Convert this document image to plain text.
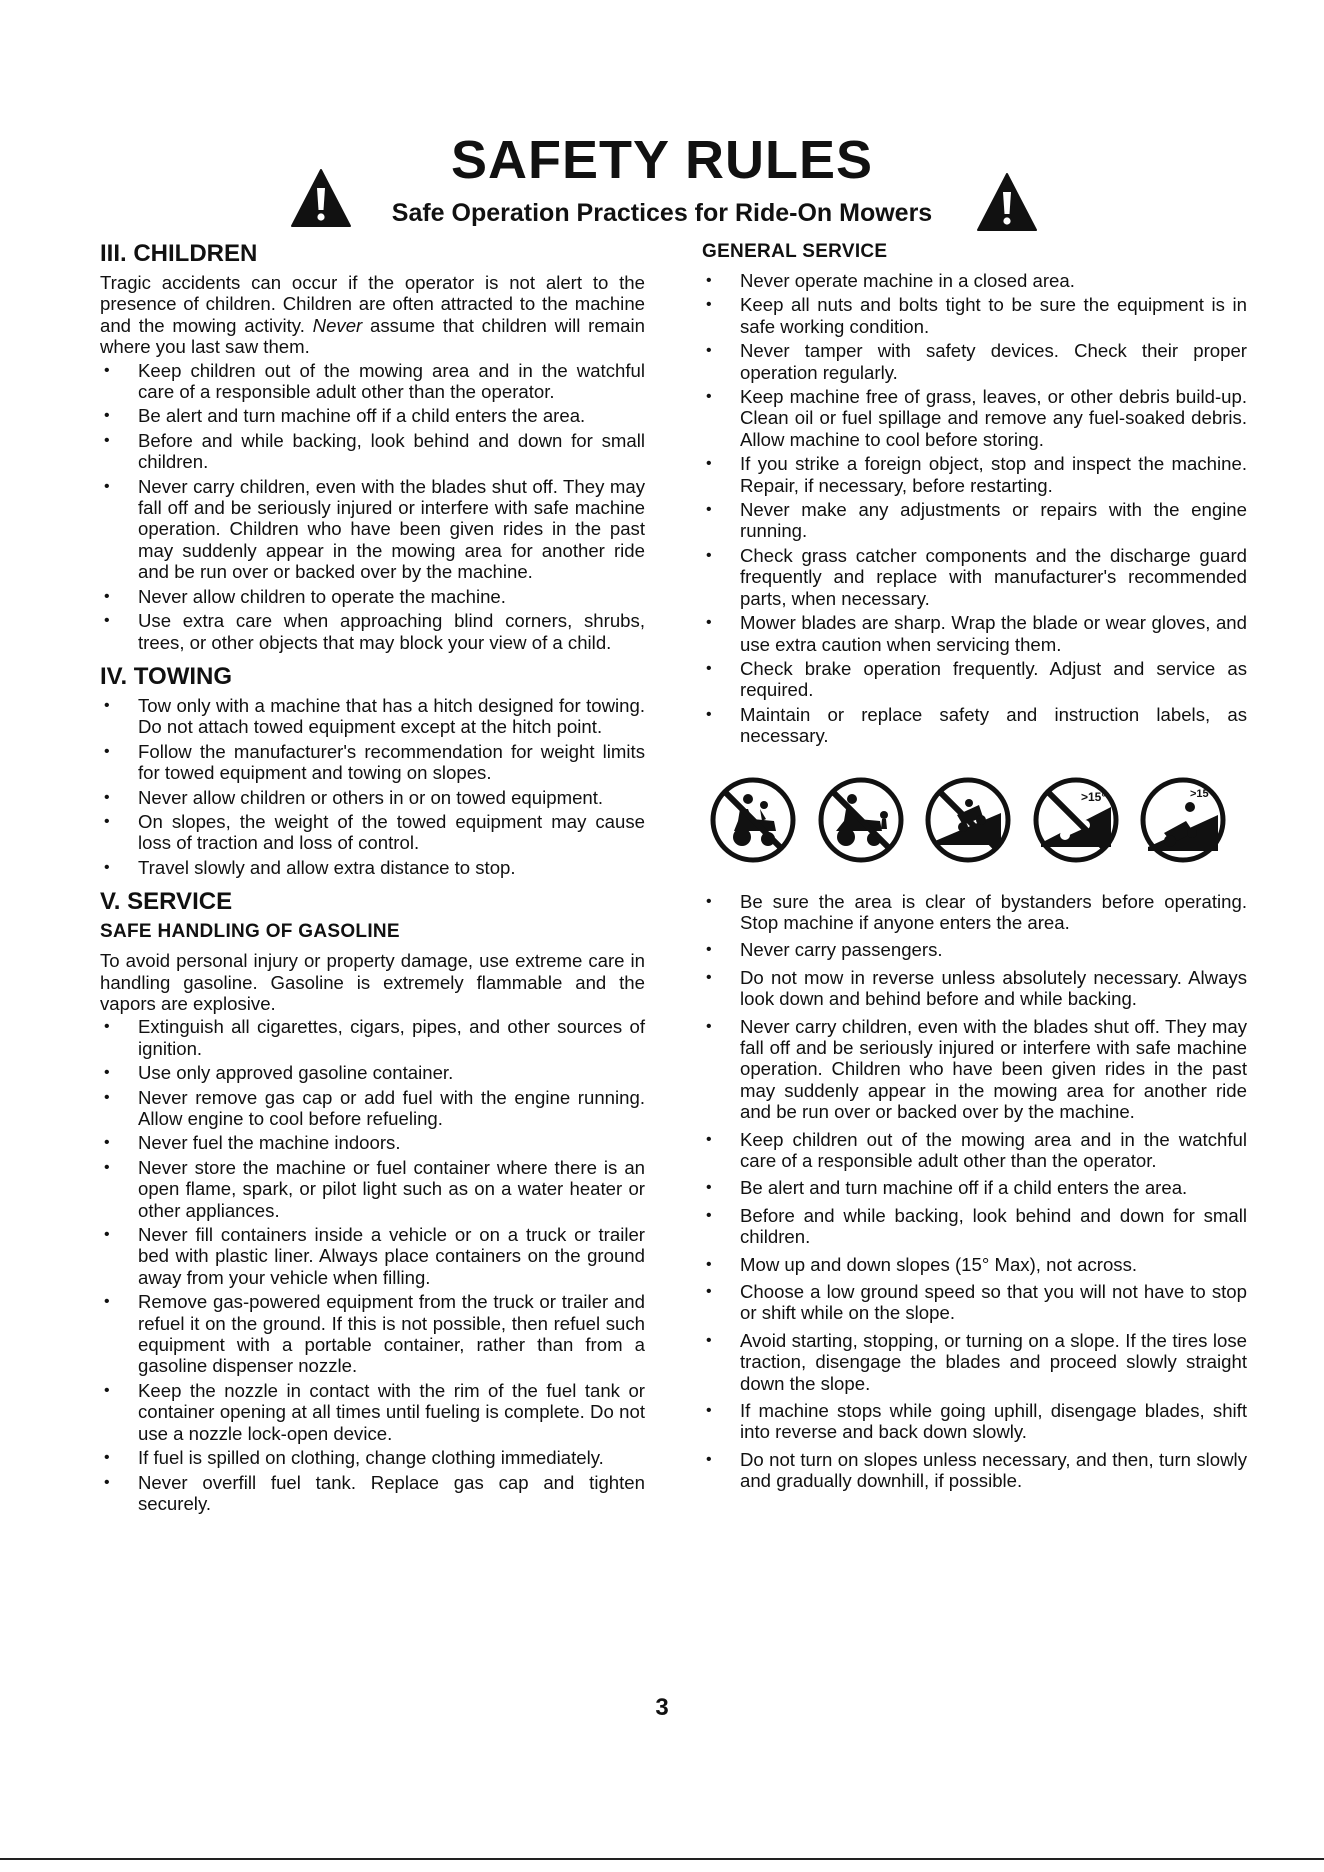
SAFETY RULES
Safe Operation Practices for Ride-On Mowers
III. CHILDREN

Tragic accidents can occur if the operator is not alert to the presence of children. Children are often attracted to the machine and the mowing activity. Never assume that children will remain where you last saw them.

• Keep children out of the mowing area and in the watchful care of a responsible adult other than the operator.
• Be alert and turn machine off if a child enters the area.
• Before and while backing, look behind and down for small children.
• Never carry children, even with the blades shut off. They may fall off and be seriously injured or interfere with safe machine operation. Children who have been given rides in the past may suddenly appear in the mowing area for another ride and be run over or backed over by the machine.
• Never allow children to operate the machine.
• Use extra care when approaching blind corners, shrubs, trees, or other objects that may block your view of a child.
IV. TOWING
• Tow only with a machine that has a hitch designed for towing. Do not attach towed equipment except at the hitch point.
• Follow the manufacturer's recommendation for weight limits for towed equipment and towing on slopes.
• Never allow children or others in or on towed equipment.
• On slopes, the weight of the towed equipment may cause loss of traction and loss of control.
• Travel slowly and allow extra distance to stop.
V. SERVICE
SAFE HANDLING OF GASOLINE

To avoid personal injury or property damage, use extreme care in handling gasoline. Gasoline is extremely flammable and the vapors are explosive.

• Extinguish all cigarettes, cigars, pipes, and other sources of ignition.
• Use only approved gasoline container.
• Never remove gas cap or add fuel with the engine running. Allow engine to cool before refueling.
• Never fuel the machine indoors.
• Never store the machine or fuel container where there is an open flame, spark, or pilot light such as on a water heater or other appliances.
• Never fill containers inside a vehicle or on a truck or trailer bed with plastic liner. Always place containers on the ground away from your vehicle when filling.
• Remove gas-powered equipment from the truck or trailer and refuel it on the ground. If this is not possible, then refuel such equipment with a portable container, rather than from a gasoline dispenser nozzle.
• Keep the nozzle in contact with the rim of the fuel tank or container opening at all times until fueling is complete. Do not use a nozzle lock-open device.
• If fuel is spilled on clothing, change clothing immediately.
• Never overfill fuel tank. Replace gas cap and tighten securely.
GENERAL SERVICE
• Never operate machine in a closed area.
• Keep all nuts and bolts tight to be sure the equipment is in safe working condition.
• Never tamper with safety devices. Check their proper operation regularly.
• Keep machine free of grass, leaves, or other debris build-up. Clean oil or fuel spillage and remove any fuel-soaked debris. Allow machine to cool before storing.
• If you strike a foreign object, stop and inspect the machine. Repair, if necessary, before restarting.
• Never make any adjustments or repairs with the engine running.
• Check grass catcher components and the discharge guard frequently and replace with manufacturer's recommended parts, when necessary.
• Mower blades are sharp. Wrap the blade or wear gloves, and use extra caution when servicing them.
• Check brake operation frequently. Adjust and service as required.
• Maintain or replace safety and instruction labels, as necessary.
>15°	>15°
• Be sure the area is clear of bystanders before operating. Stop machine if anyone enters the area.
• Never carry passengers.
• Do not mow in reverse unless absolutely necessary. Always look down and behind before and while backing.
• Never carry children, even with the blades shut off. They may fall off and be seriously injured or interfere with safe machine operation. Children who have been given rides in the past may suddenly appear in the mowing area for another ride and be run over or backed over by the machine.
• Keep children out of the mowing area and in the watchful care of a responsible adult other than the operator.
• Be alert and turn machine off if a child enters the area.
• Before and while backing, look behind and down for small children.
• Mow up and down slopes (15° Max), not across.
• Choose a low ground speed so that you will not have to stop or shift while on the slope.
• Avoid starting, stopping, or turning on a slope. If the tires lose traction, disengage the blades and proceed slowly straight down the slope.
• If machine stops while going uphill, disengage blades, shift into reverse and back down slowly.
• Do not turn on slopes unless necessary, and then, turn slowly and gradually downhill, if possible.
3
